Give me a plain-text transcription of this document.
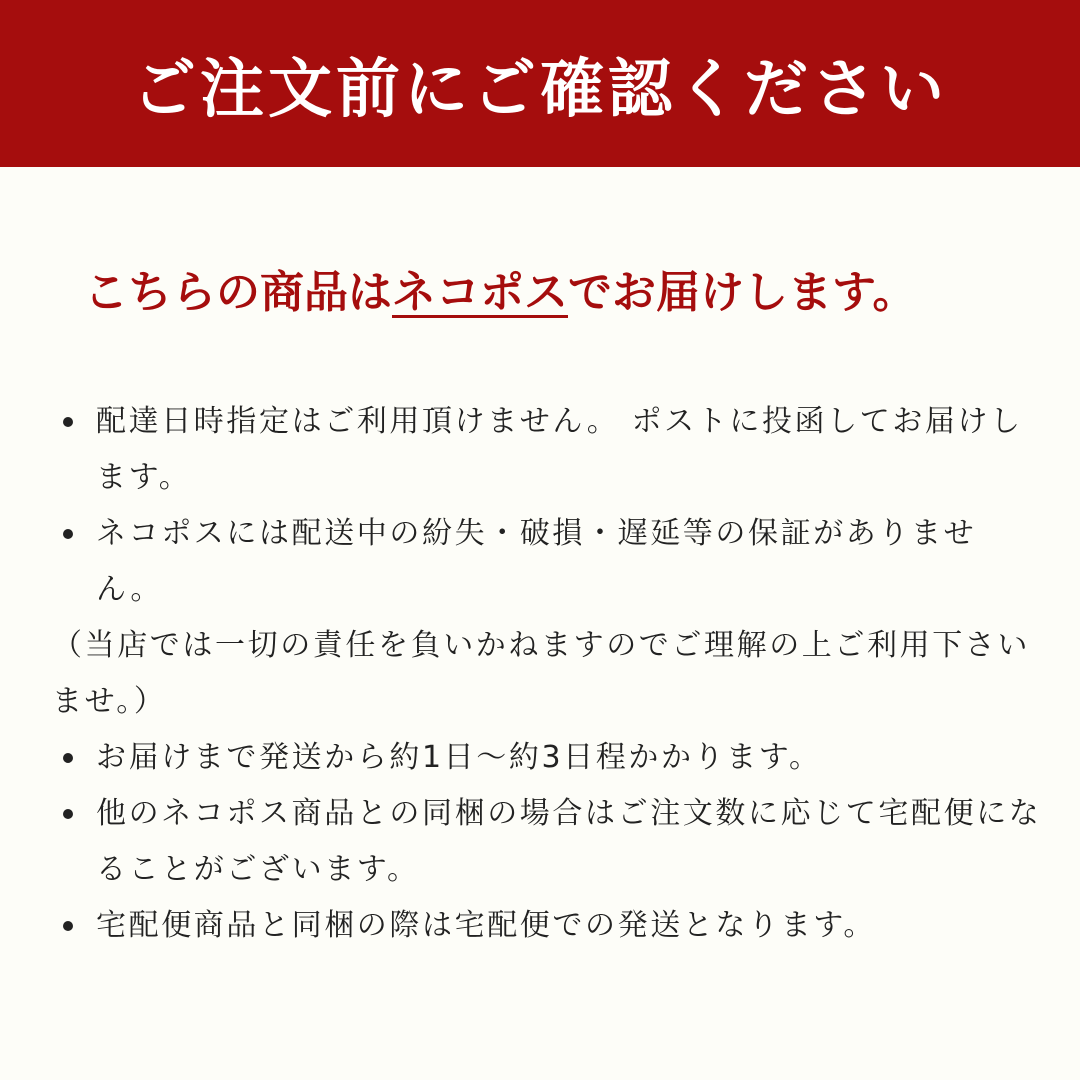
ご注文前にご確認ください
こちらの商品はネコポスでお届けします。
配達日時指定はご利用頂けません。 ポストに投函してお届けします。
ネコポスには配送中の紛失・破損・遅延等の保証がありません。
（当店では一切の責任を負いかねますのでご理解の上ご利用下さいませ。）
お届けまで発送から約1日〜約3日程かかります。
他のネコポス商品との同梱の場合はご注文数に応じて宅配便になることがございます。
宅配便商品と同梱の際は宅配便での発送となります。
